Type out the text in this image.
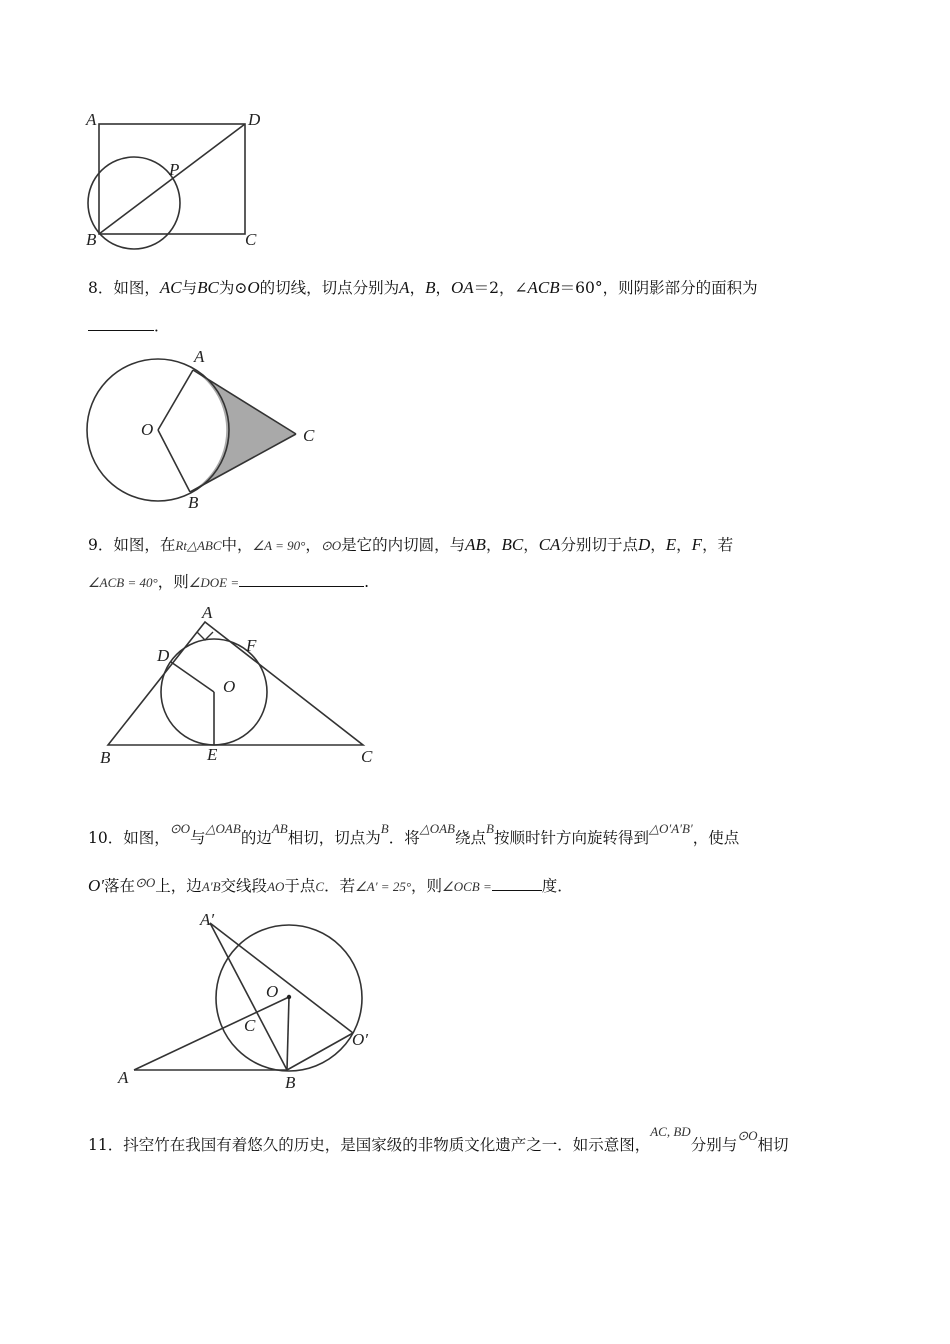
A	D
P
B	C
8．如图，AC与BC为⊙O的切线，切点分别为A，B，OA＝2，∠ACB＝60°，则阴影部分的面积为
．
A
O	C
B
9．如图，在Rt△ABC中，∠A = 90°，⊙O是它的内切圆，与AB，BC，CA分别切于点D，E，F，若
∠ACB = 40°，则∠DOE =	.
A
D
F
O
B	E	C
10．如图，$^{⊙O}$与$^{\triangle OAB}$的边$^{AB}$相切，切点为$^B$．将$^{\triangle OAB}$绕点$^B$按顺时针方向旋转得到$^{\triangle O'A'B'}$，使点
O′落在$^{⊙O}$上，边A′B交线段AO于点C．若∠A′ = 25°，则∠OCB =	度．
A′
O
C
O′
A	B
11．抖空竹在我国有着悠久的历史，是国家级的非物质文化遗产之一．如示意图，$^{AC, BD}$分别与$^{⊙O}$相切
